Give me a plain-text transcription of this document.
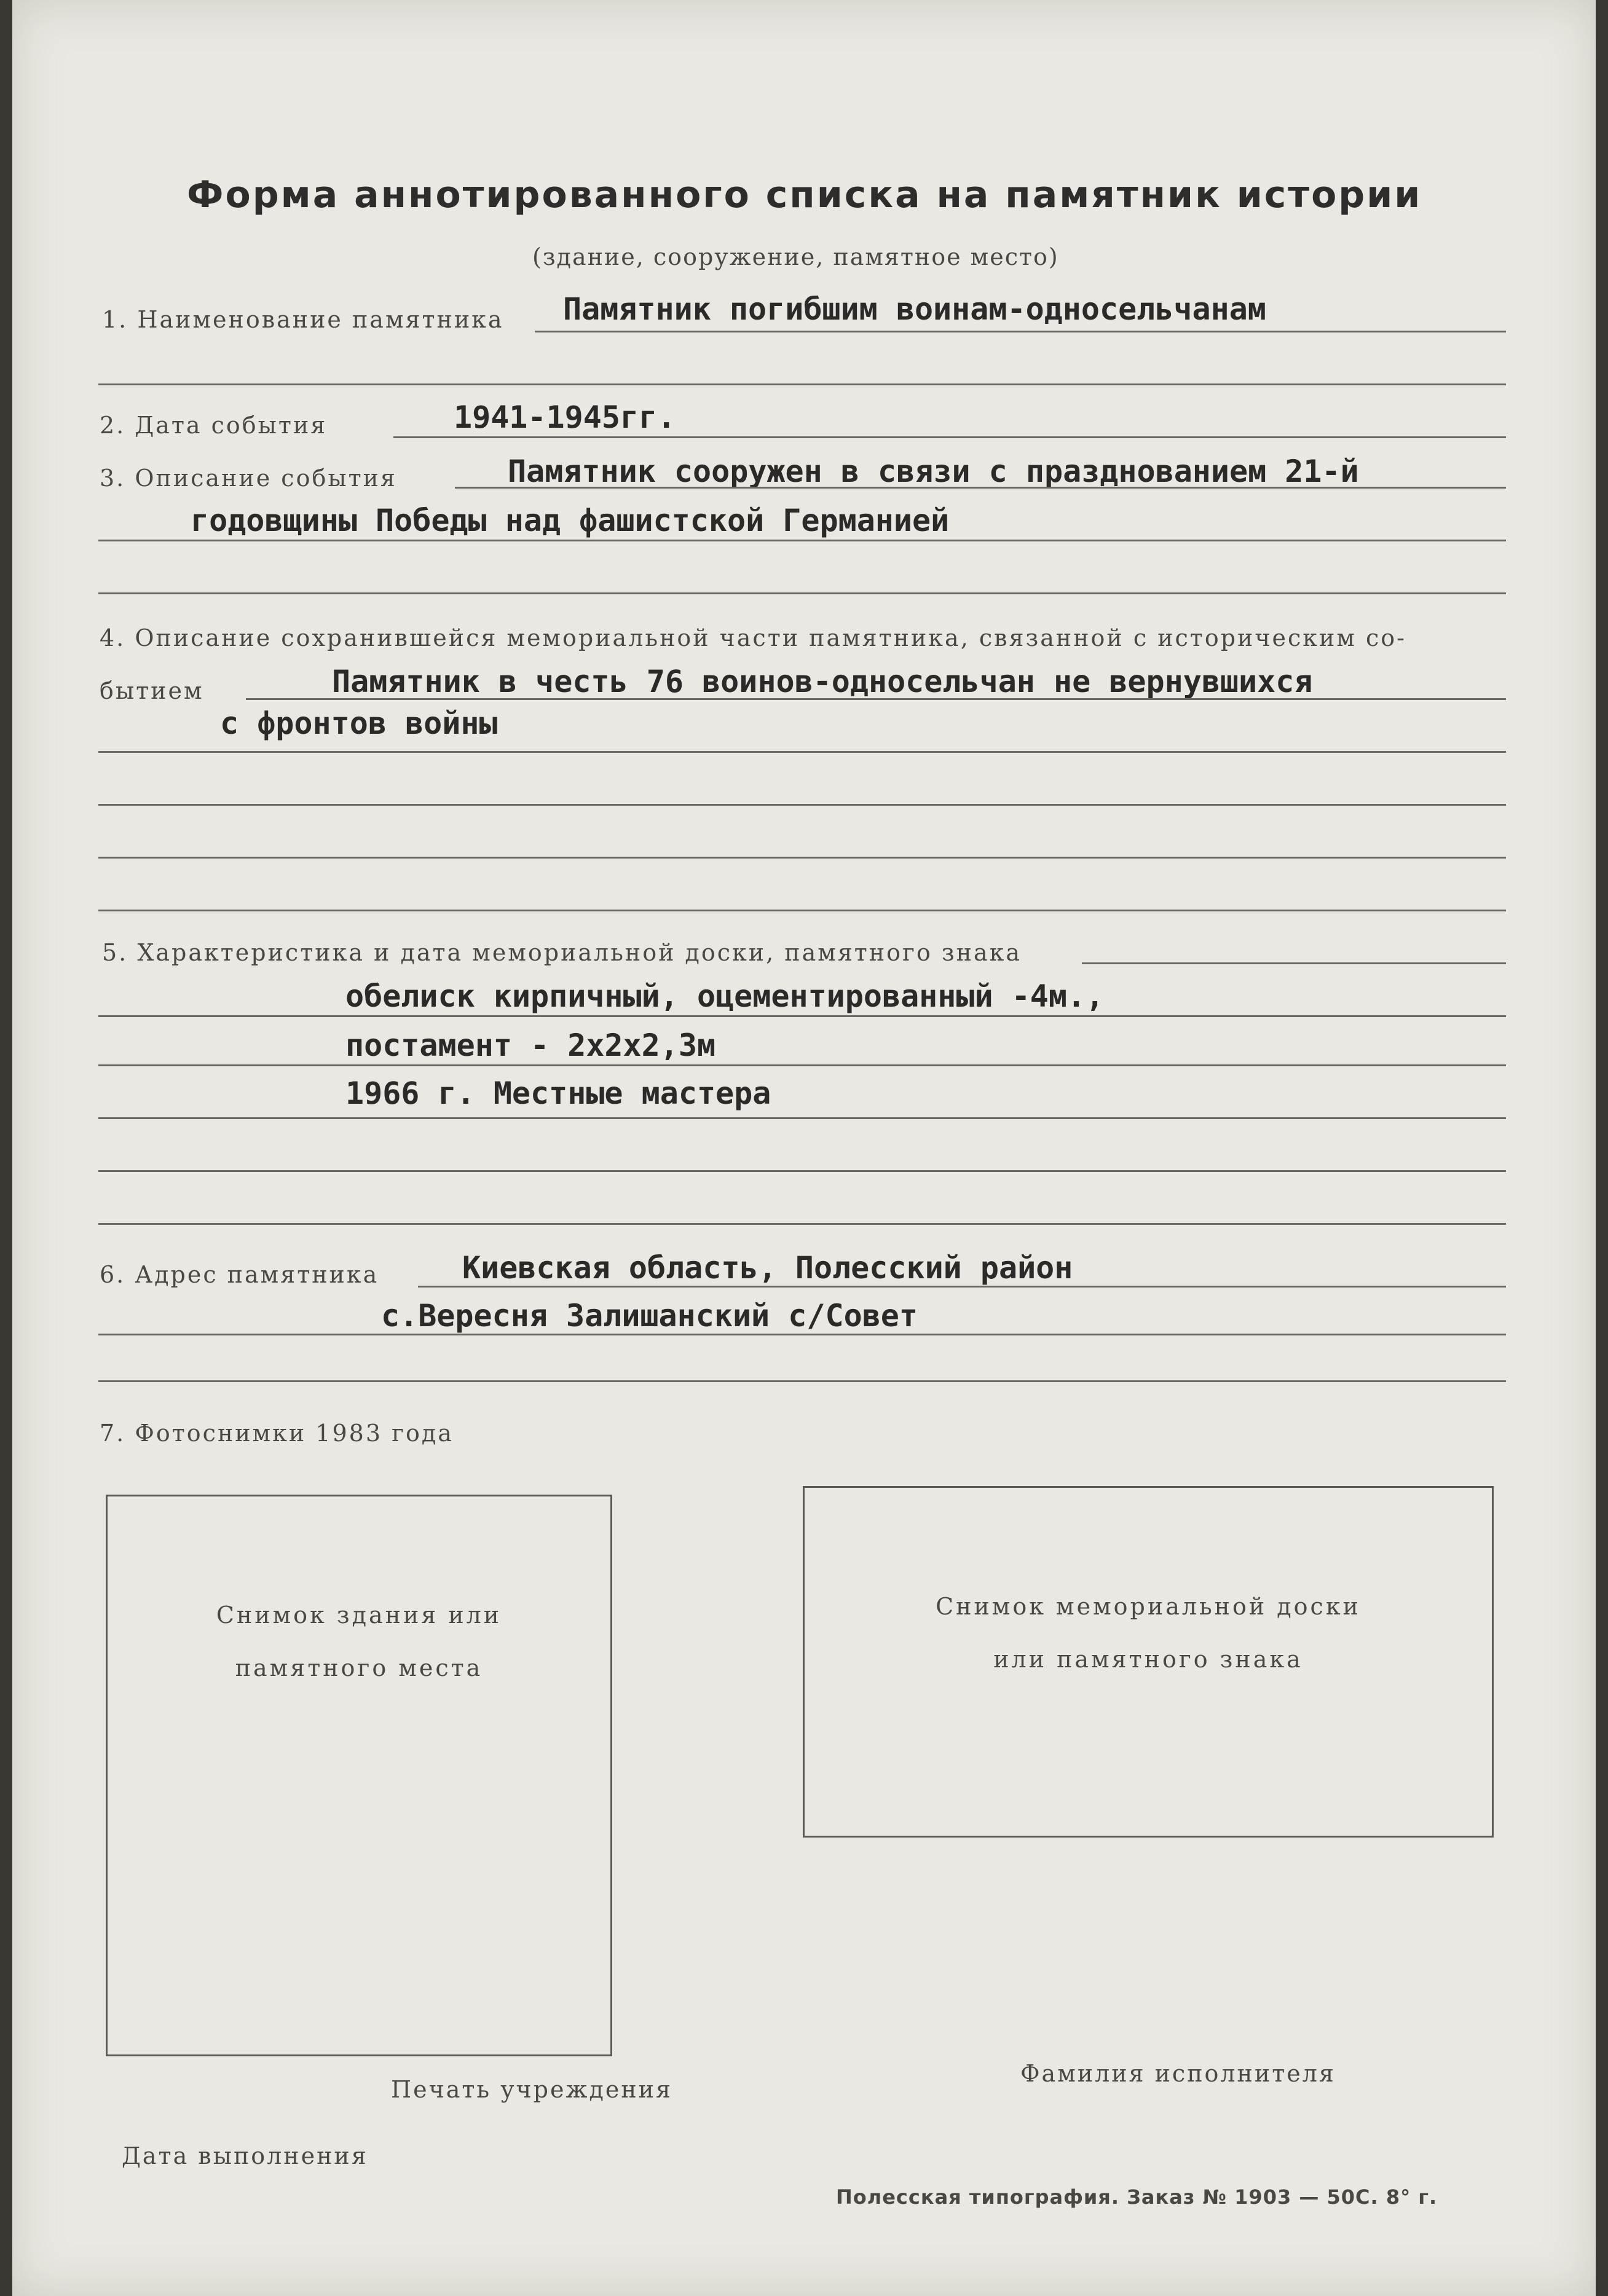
Форма аннотированного списка на памятник истории
(здание, сооружение, памятное место)
1. Наименование памятника Памятник погибшим воинам-односельчанам
2. Дата события	1941-1945гг.
3. Описание события	Памятник сооружен в связи с празднованием 21-й
годовщины Победы над фашистской Германией
4. Описание сохранившейся мемориальной части памятника, связанной с историческим со-
бытием	Памятник в честь 76 воинов-односельчан не вернувшихся
с фронтов войны
5. Характеристика и дата мемориальной доски, памятного знака
обелиск кирпичный, оцементированный -4м.,
постамент - 2х2х2,3м
1966 г. Местные мастера
6. Адрес памятника	Киевская область, Полесский район
с.Вересня Залишанский с/Совет
7. Фотоснимки 1983 года
Снимок здания или
памятного места
Снимок мемориальной доски
или памятного знака
Печать учреждения
Фамилия исполнителя
Дата выполнения
Полесская типография. Заказ № 1903 — 50С. 8° г.
